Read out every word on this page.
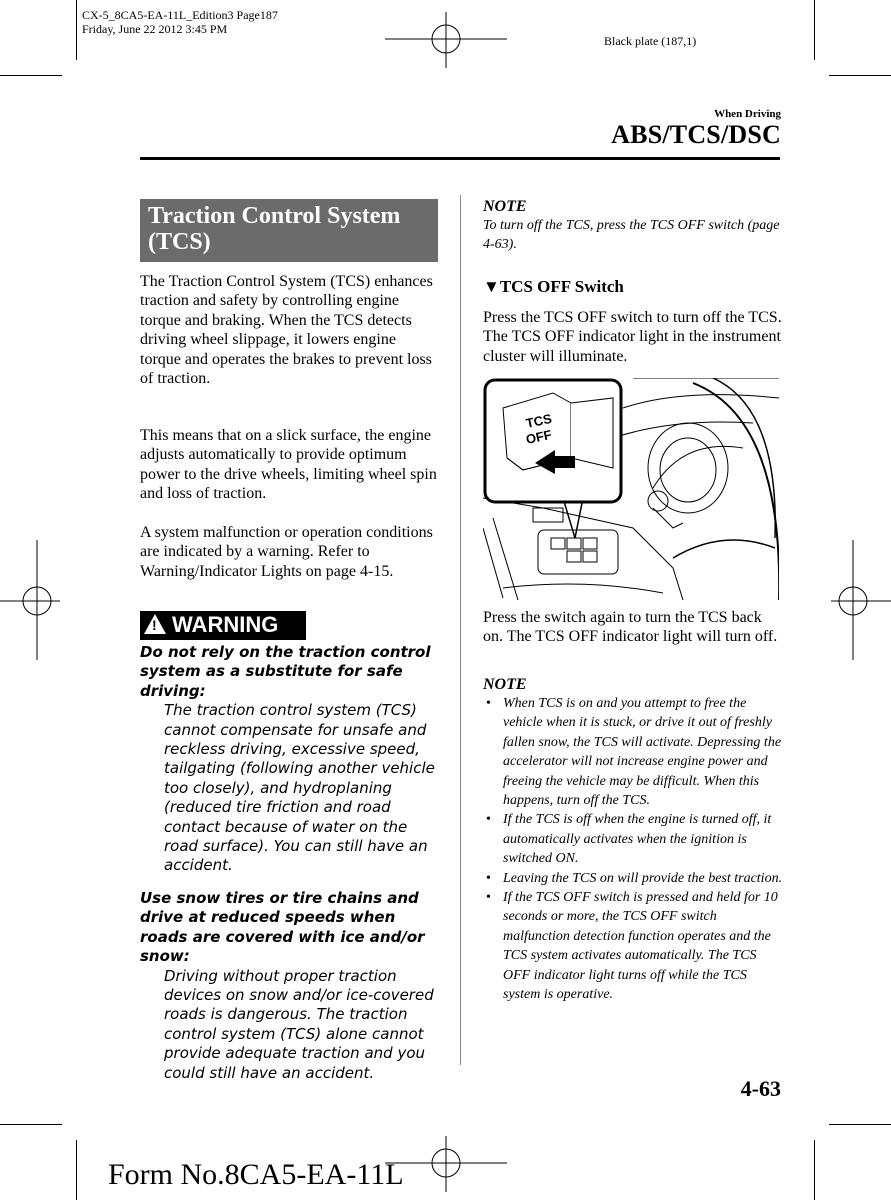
CX-5_8CA5-EA-11L_Edition3 Page187
Friday, June 22 2012 3:45 PM
Black plate (187,1)
When Driving
ABS/TCS/DSC
Traction Control System (TCS)
The Traction Control System (TCS) enhances traction and safety by controlling engine torque and braking. When the TCS detects driving wheel slippage, it lowers engine torque and operates the brakes to prevent loss of traction.
This means that on a slick surface, the engine adjusts automatically to provide optimum power to the drive wheels, limiting wheel spin and loss of traction.
A system malfunction or operation conditions are indicated by a warning. Refer to Warning/Indicator Lights on page 4-15.
! WARNING
Do not rely on the traction control system as a substitute for safe driving:
The traction control system (TCS) cannot compensate for unsafe and reckless driving, excessive speed, tailgating (following another vehicle too closely), and hydroplaning (reduced tire friction and road contact because of water on the road surface). You can still have an accident.
Use snow tires or tire chains and drive at reduced speeds when roads are covered with ice and/or snow:
Driving without proper traction devices on snow and/or ice-covered roads is dangerous. The traction control system (TCS) alone cannot provide adequate traction and you could still have an accident.
NOTE
To turn off the TCS, press the TCS OFF switch (page 4-63).
▼TCS OFF Switch
Press the TCS OFF switch to turn off the TCS. The TCS OFF indicator light in the instrument cluster will illuminate.
TCS
OFF
Press the switch again to turn the TCS back on. The TCS OFF indicator light will turn off.
NOTE
• When TCS is on and you attempt to free the vehicle when it is stuck, or drive it out of freshly fallen snow, the TCS will activate. Depressing the accelerator will not increase engine power and freeing the vehicle may be difficult. When this happens, turn off the TCS.
• If the TCS is off when the engine is turned off, it automatically activates when the ignition is switched ON.
• Leaving the TCS on will provide the best traction.
• If the TCS OFF switch is pressed and held for 10 seconds or more, the TCS OFF switch malfunction detection function operates and the TCS system activates automatically. The TCS OFF indicator light turns off while the TCS system is operative.
4-63
Form No.8CA5-EA-11L
